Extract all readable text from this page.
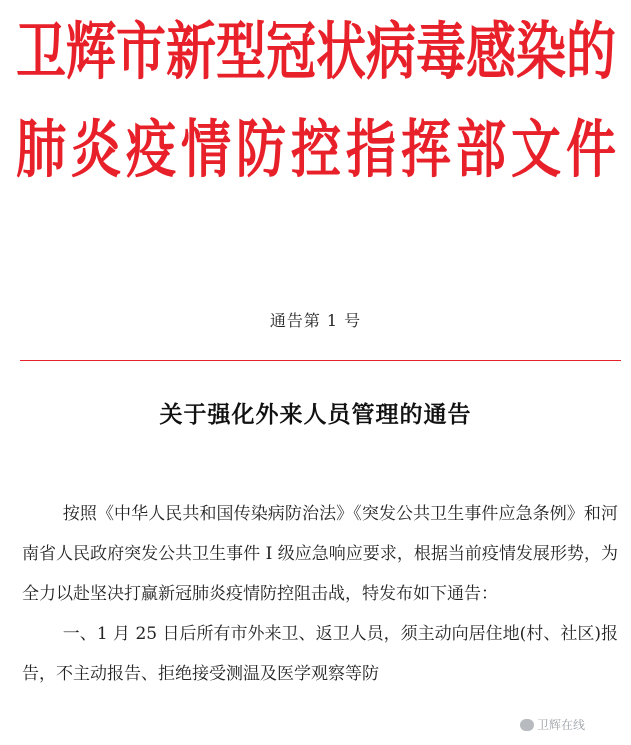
卫 辉 市 新 型 冠 状 病 毒 感 染 的
肺 炎 疫 情 防 控 指 挥 部 文 件
通告第 1 号
关于强化外来人员管理的通告

按照《中华人民共和国传染病防治法》《突发公共卫生事件应急条例》和河南省人民政府突发公共卫生事件 I 级应急响应要求，根据当前疫情发展形势，为全力以赴坚决打赢新冠肺炎疫情防控阻击战，特发布如下通告：

一、1 月 25 日后所有市外来卫、返卫人员，须主动向居住地(村、社区)报告，不主动报告、拒绝接受测温及医学观察等防

卫辉在线
